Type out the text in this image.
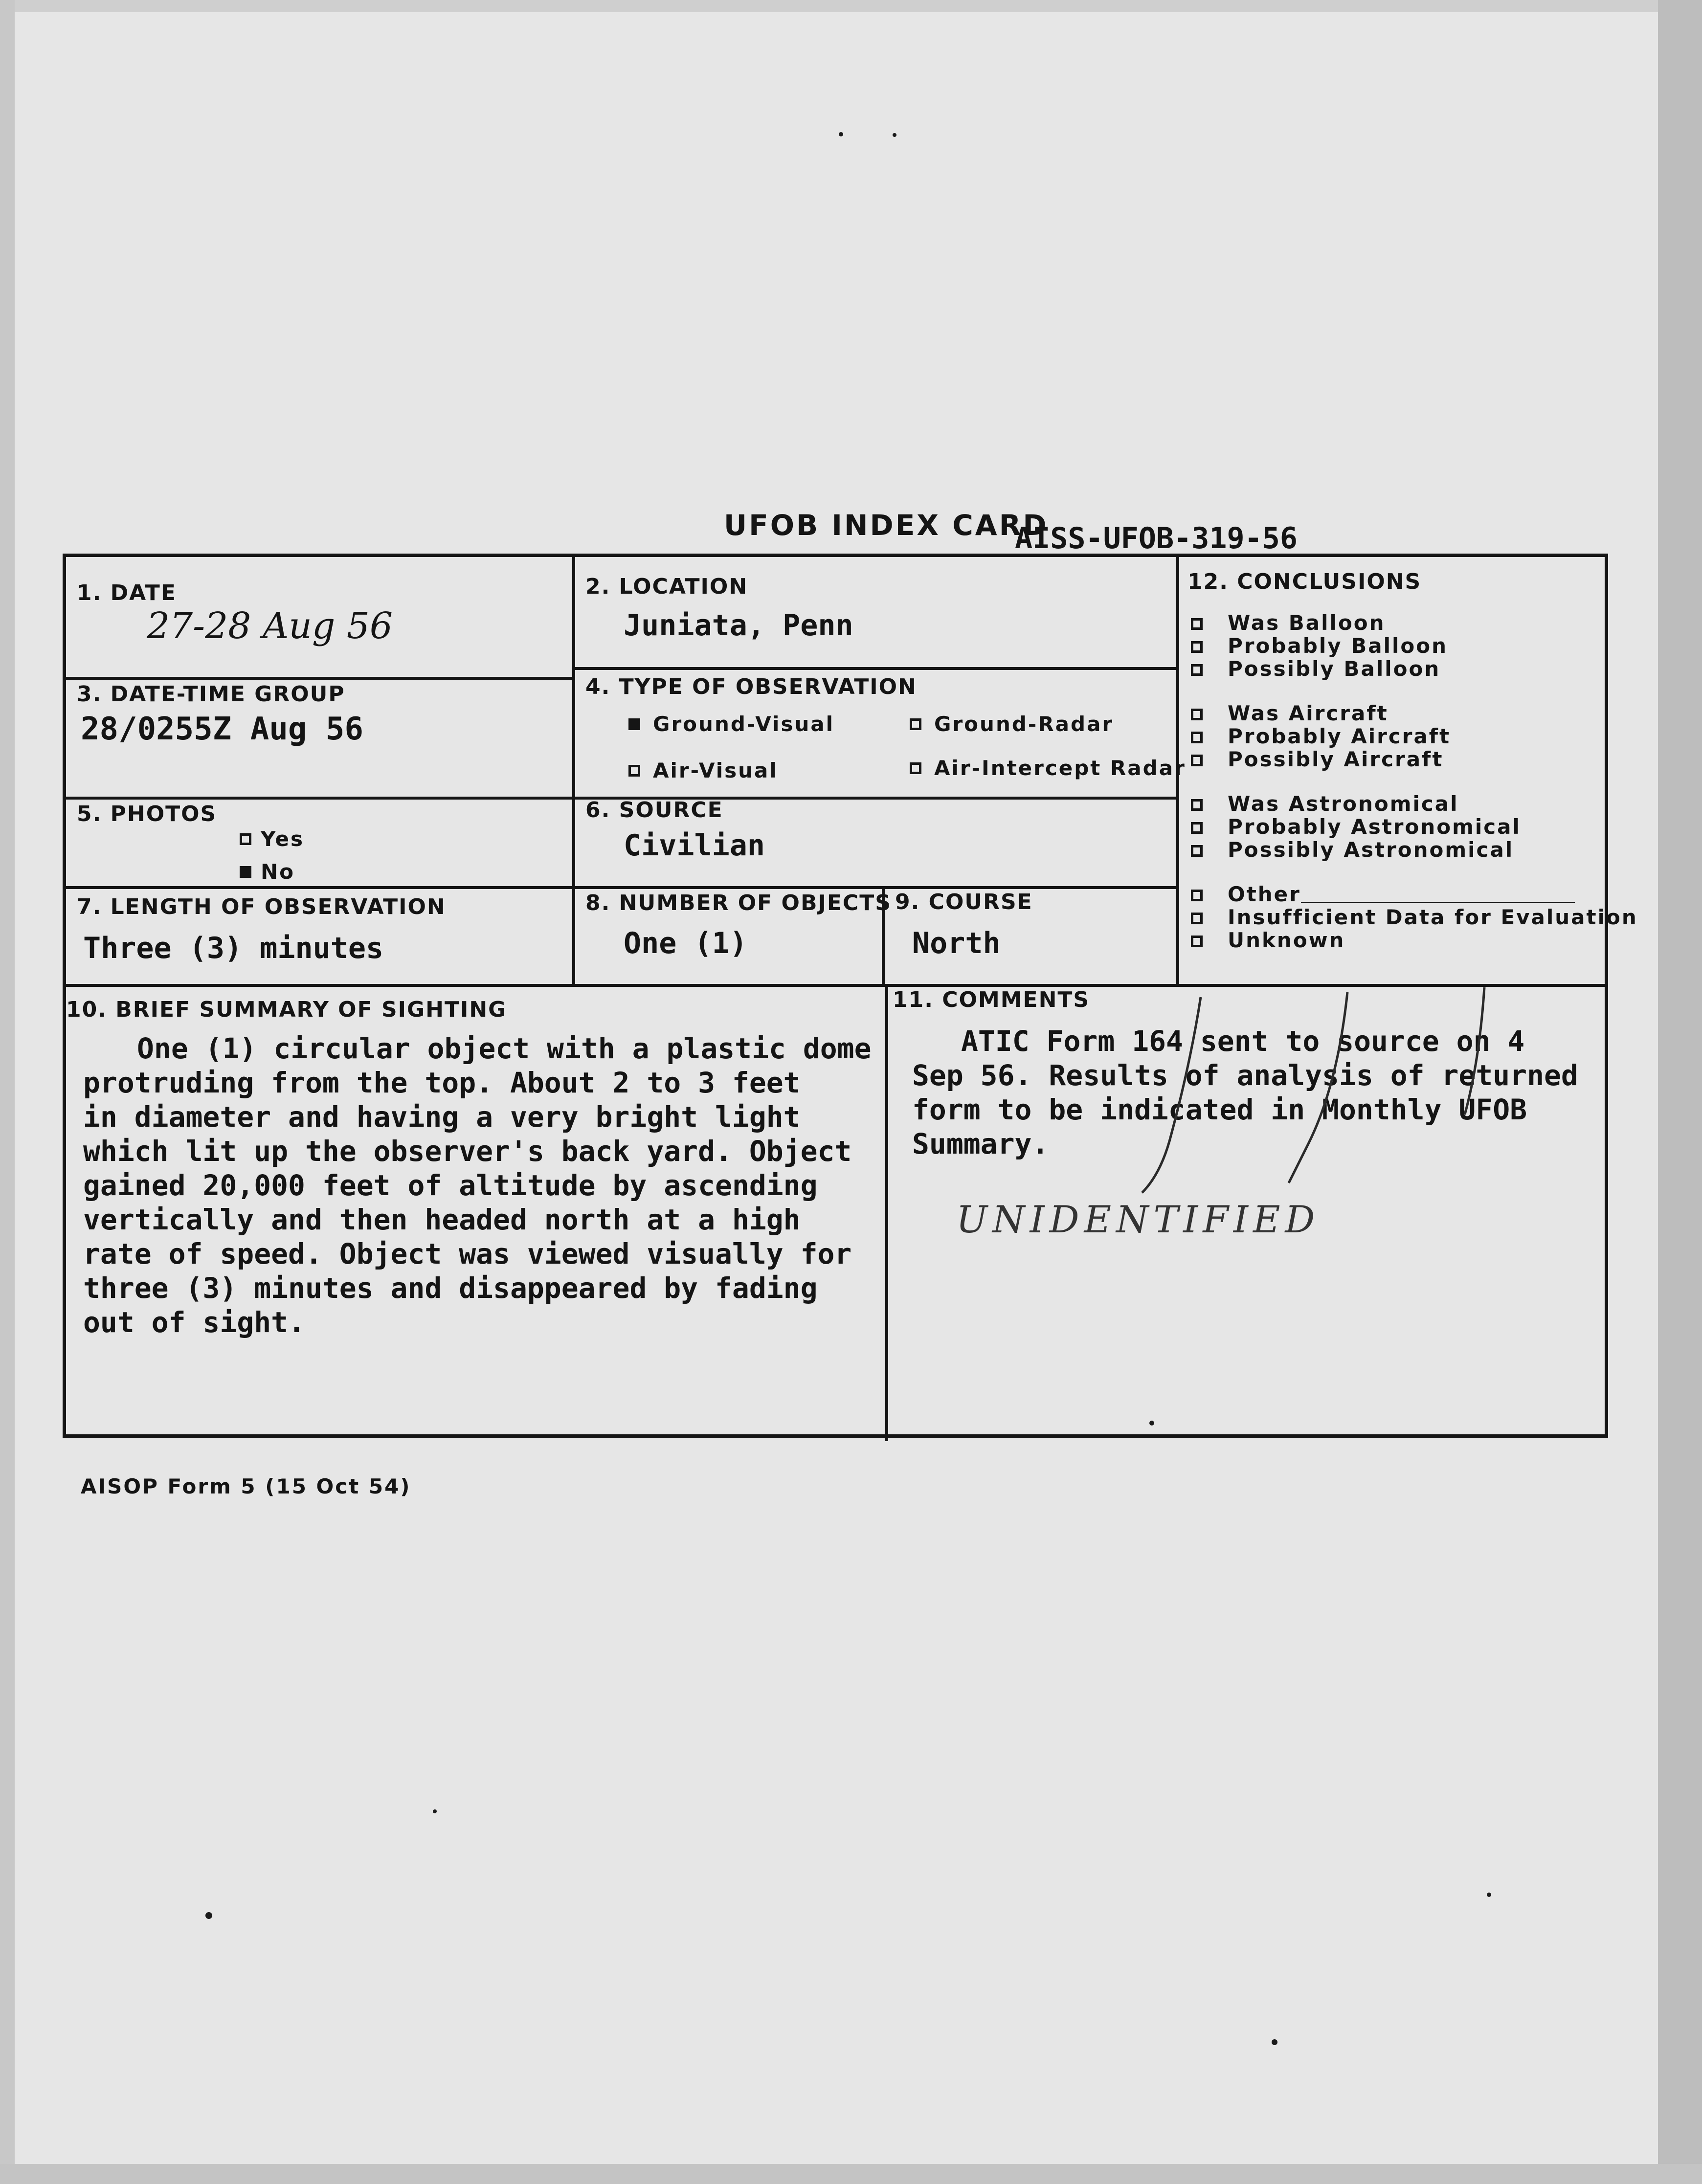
UFOB INDEX CARD
AISS-UFOB-319-56
1. DATE
27-28 Aug 56
2. LOCATION
Juniata, Penn
3. DATE-TIME GROUP
28/0255Z Aug 56
4. TYPE OF OBSERVATION
Ground-Visual	Ground-Radar
Air-Visual	Air-Intercept Radar
5. PHOTOS
Yes
No
6. SOURCE
Civilian
7. LENGTH OF OBSERVATION
Three (3) minutes
8. NUMBER OF OBJECTS
One (1)
9. COURSE
North
10. BRIEF SUMMARY OF SIGHTING
One (1) circular object with a plastic dome
protruding from the top. About 2 to 3 feet
in diameter and having a very bright light
which lit up the observer's back yard. Object
gained 20,000 feet of altitude by ascending
vertically and then headed north at a high
rate of speed. Object was viewed visually for
three (3) minutes and disappeared by fading
out of sight.
11. COMMENTS
ATIC Form 164 sent to source on 4
Sep 56. Results of analysis of returned
form to be indicated in Monthly UFOB
Summary.
UNIDENTIFIED
12. CONCLUSIONS
Was Balloon
Probably Balloon
Possibly Balloon
Was Aircraft
Probably Aircraft
Possibly Aircraft
Was Astronomical
Probably Astronomical
Possibly Astronomical
Other
Insufficient Data for Evaluation
Unknown
AISOP Form 5 (15 Oct 54)
